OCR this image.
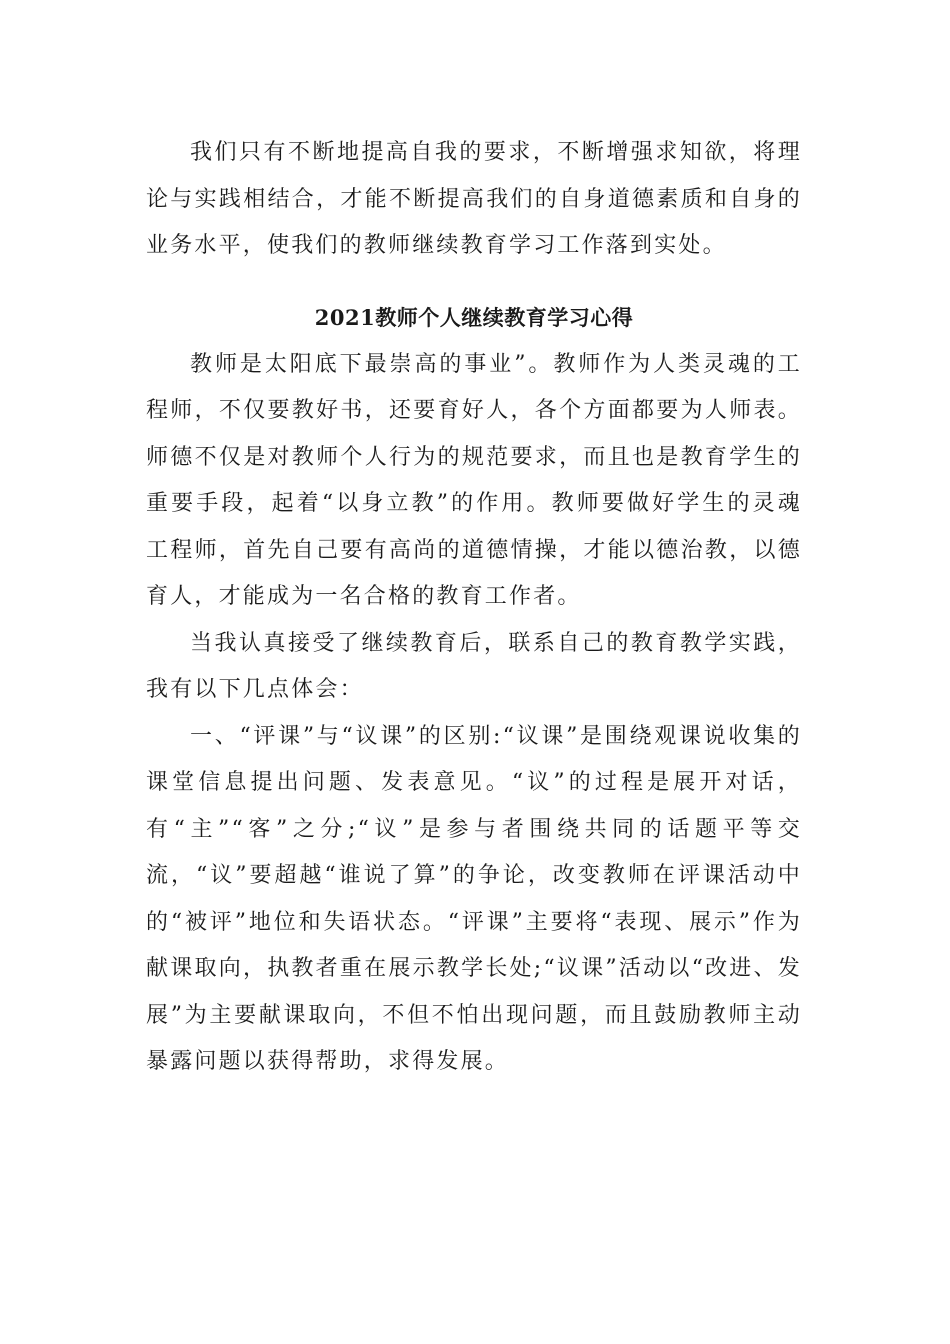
我们只有不断地提高自我的要求，不断增强求知欲，将理论与实践相结合，才能不断提高我们的自身道德素质和自身的业务水平，使我们的教师继续教育学习工作落到实处。

2021教师个人继续教育学习心得

教师是太阳底下最崇高的事业”。教师作为人类灵魂的工程师，不仅要教好书，还要育好人，各个方面都要为人师表。师德不仅是对教师个人行为的规范要求，而且也是教育学生的重要手段，起着“以身立教”的作用。教师要做好学生的灵魂工程师，首先自己要有高尚的道德情操，才能以德治教，以德育人，才能成为一名合格的教育工作者。

当我认真接受了继续教育后，联系自己的教育教学实践，我有以下几点体会：

一、“评课”与“议课”的区别:“议课”是围绕观课说收集的课堂信息提出问题、发表意见。“议”的过程是展开对话，有“主”“客”之分;“议”是参与者围绕共同的话题平等交流，“议”要超越“谁说了算”的争论，改变教师在评课活动中的“被评”地位和失语状态。“评课”主要将“表现、展示”作为献课取向，执教者重在展示教学长处;“议课”活动以“改进、发展”为主要献课取向，不但不怕出现问题，而且鼓励教师主动暴露问题以获得帮助，求得发展。
